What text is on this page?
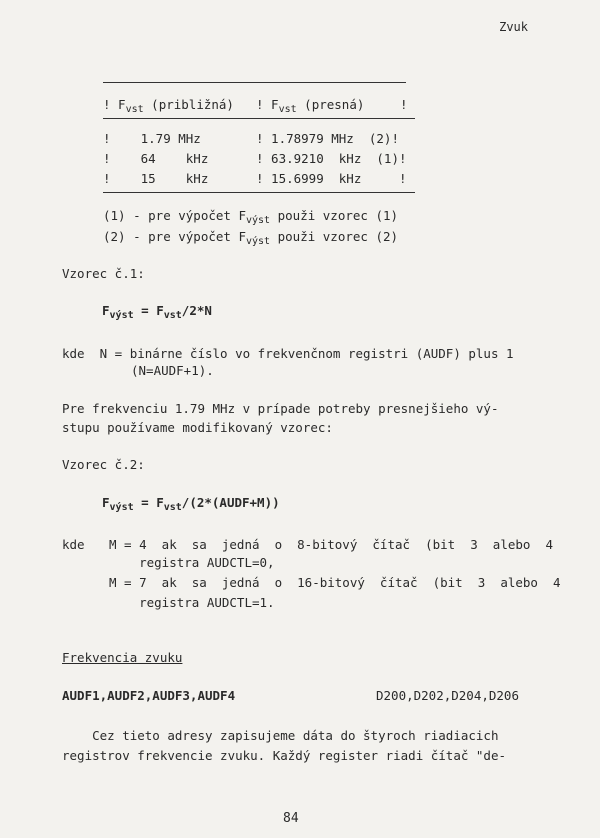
Zvuk
! $F_{vst}$ (približná) ! $F_{vst}$ (presná)	!
!    1.79 MHz	! 1.78979 MHz  (2)!
!    64    kHz	! 63.9210  kHz  (1)!
!    15    kHz	! 15.6999  kHz     !
(1) - pre výpočet $F_{výst}$ použi vzorec (1)
(2) - pre výpočet $F_{výst}$ použi vzorec (2)
Vzorec č.1:
$F_{výst} = F_{vst}/2*N$
kde  N = binárne číslo vo frekvenčnom registri (AUDF) plus 1
(N=AUDF+1).
Pre frekvenciu 1.79 MHz v prípade potreby presnejšieho vý-
stupu používame modifikovaný vzorec:
Vzorec č.2:
$F_{výst}$ = $F_{vst}/(2*(AUDF+M))$
kde M = 4  ak  sa  jedná  o  8-bitový  čítač  (bit  3  alebo  4
registra AUDCTL=0,
M = 7  ak  sa  jedná  o  16-bitový  čítač  (bit  3  alebo  4
registra AUDCTL=1.
Frekvencia zvuku
AUDF1,AUDF2,AUDF3,AUDF4	D200,D202,D204,D206
Cez tieto adresy zapisujeme dáta do štyroch riadiacich
registrov frekvencie zvuku. Každý register riadi čítač "de-
84
